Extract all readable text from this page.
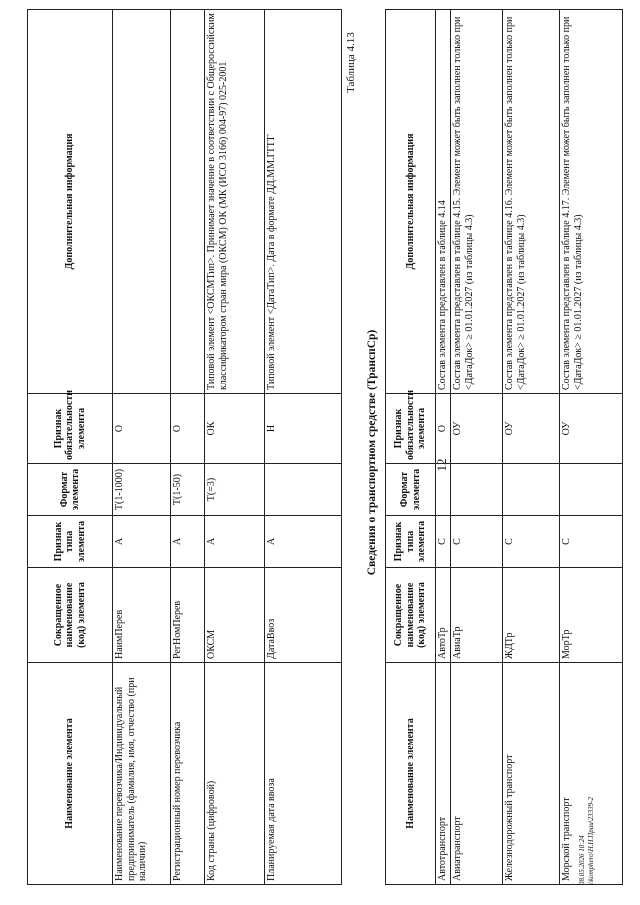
12
Наименование элемента	Сокращенное наименование (код) элемента	Признак типа элемента	Формат элемента	Признак обязательности элемента	Дополнительная информация
Наименование перевозчика/Индивидуальный предприниматель (фамилия, имя, отчество (при наличии)	НаимПерев	А	T(1-1000)	О	
Регистрационный номер перевозчика	РегНомПерев	А	T(1-50)	О	
Код страны (цифровой)	ОКСМ	А	T(=3)	ОК	Типовой элемент <ОКСМТип>. Принимает значение в соответствии с Общероссийским классификатором стран мира (ОКСМ) ОК (МК (ИСО 3166) 004-97) 025-2001
Планируемая дата ввоза	ДатаВвоз	А		Н	Типовой элемент <ДатаТип>. Дата в формате ДД.ММ.ГГГГ
Таблица 4.13
Сведения о транспортном средстве (ТранспСр)
Наименование элемента	Сокращенное наименование (код) элемента	Признак типа элемента	Формат элемента	Признак обязательности элемента	Дополнительная информация
Автотранспорт	АвтоТр	С		О	Состав элемента представлен в таблице 4.14
Авиатранспорт	АвиаТр	С		ОУ	Состав элемента представлен в таблице 4.15. Элемент может быть заполнен только при <ДатаДок> ≥ 01.01.2027 (из таблицы 4.3)
Железнодорожный транспорт	ЖДТр	С		ОУ	Состав элемента представлен в таблице 4.16. Элемент может быть заполнен только при <ДатаДок> ≥ 01.01.2027 (из таблицы 4.3)
Морской транспорт	МорТр	С		ОУ	Состав элемента представлен в таблице 4.17. Элемент может быть заполнен только при <ДатаДок> ≥ 01.01.2027 (из таблицы 4.3)
08.05.2026 10:24 \\komphero\Н.Н.Праи\23339-2
